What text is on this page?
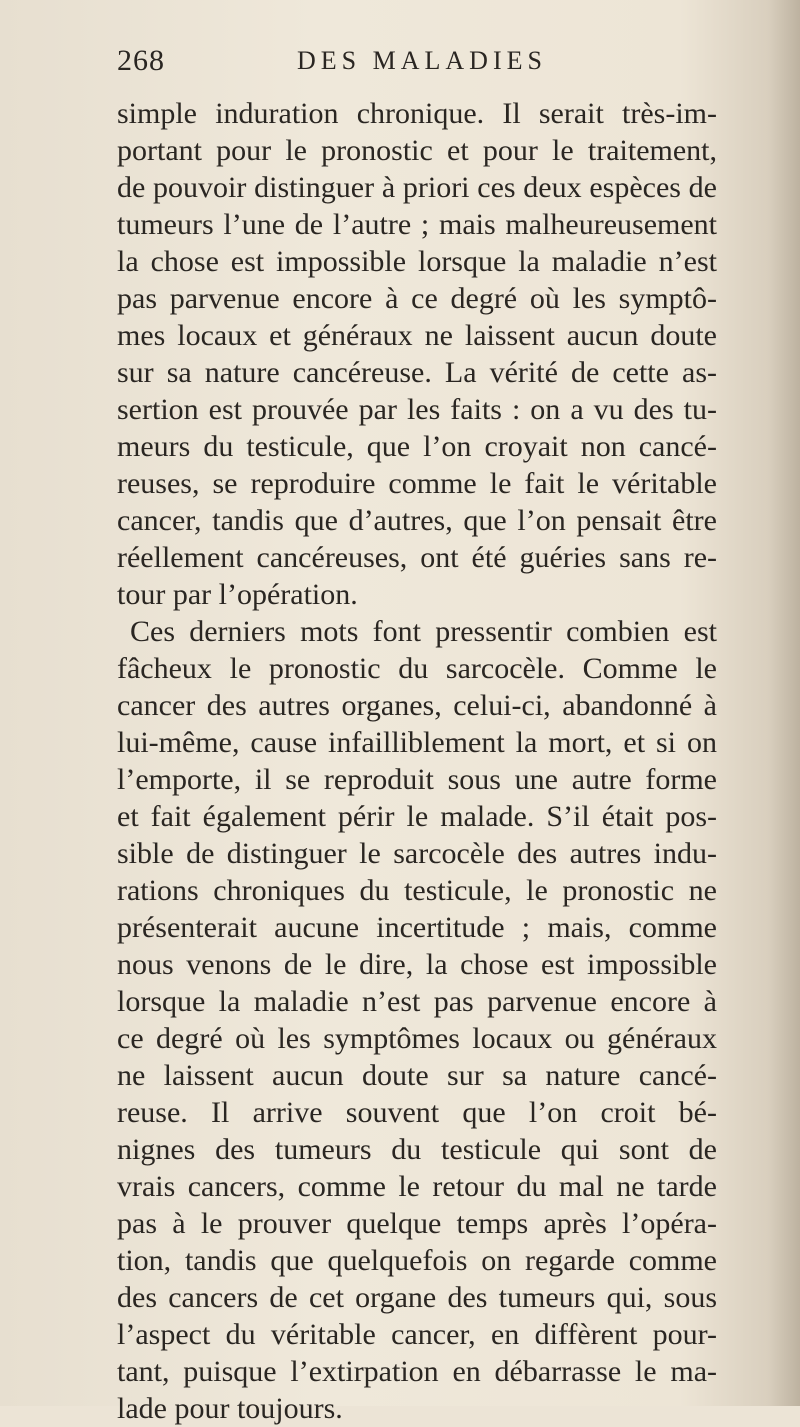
268	DES MALADIES
simple induration chronique. Il serait très-im-
portant pour le pronostic et pour le traitement,
de pouvoir distinguer à priori ces deux espèces de
tumeurs l’une de l’autre ; mais malheureusement
la chose est impossible lorsque la maladie n’est
pas parvenue encore à ce degré où les symptô-
mes locaux et généraux ne laissent aucun doute
sur sa nature cancéreuse. La vérité de cette as-
sertion est prouvée par les faits : on a vu des tu-
meurs du testicule, que l’on croyait non cancé-
reuses, se reproduire comme le fait le véritable
cancer, tandis que d’autres, que l’on pensait être
réellement cancéreuses, ont été guéries sans re-
tour par l’opération.
Ces derniers mots font pressentir combien est
fâcheux le pronostic du sarcocèle. Comme le
cancer des autres organes, celui-ci, abandonné à
lui-même, cause infailliblement la mort, et si on
l’emporte, il se reproduit sous une autre forme
et fait également périr le malade. S’il était pos-
sible de distinguer le sarcocèle des autres indu-
rations chroniques du testicule, le pronostic ne
présenterait aucune incertitude ; mais, comme
nous venons de le dire, la chose est impossible
lorsque la maladie n’est pas parvenue encore à
ce degré où les symptômes locaux ou généraux
ne laissent aucun doute sur sa nature cancé-
reuse. Il arrive souvent que l’on croit bé-
nignes des tumeurs du testicule qui sont de
vrais cancers, comme le retour du mal ne tarde
pas à le prouver quelque temps après l’opéra-
tion, tandis que quelquefois on regarde comme
des cancers de cet organe des tumeurs qui, sous
l’aspect du véritable cancer, en diffèrent pour-
tant, puisque l’extirpation en débarrasse le ma-
lade pour toujours.
